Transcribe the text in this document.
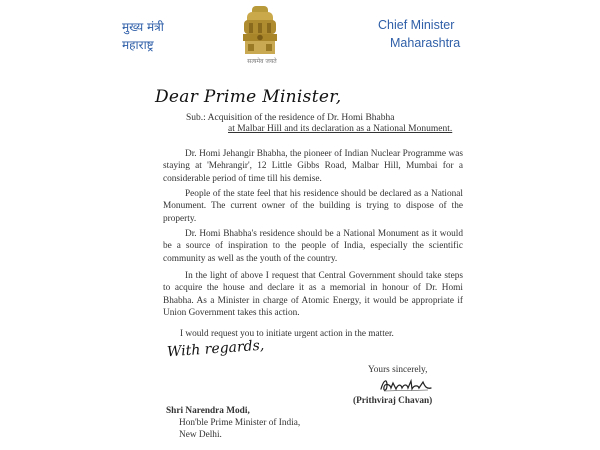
मुख्य मंत्री
महाराष्ट्र
सत्यमेव जयते
Chief Minister
Maharashtra
Dear Prime Minister,
Sub.: Acquisition of the residence of Dr. Homi Bhabha
at Malbar Hill and its declaration as a National Monument.
Dr. Homi Jehangir Bhabha, the pioneer of Indian Nuclear Programme was staying at 'Mehrangir', 12 Little Gibbs Road, Malbar Hill, Mumbai for a considerable period of time till his demise.
People of the state feel that his residence should be declared as a National Monument. The current owner of the building is trying to dispose of the property.
Dr. Homi Bhabha's residence should be a National Monument as it would be a source of inspiration to the people of India, especially the scientific community as well as the youth of the country.
In the light of above I request that Central Government should take steps to acquire the house and declare it as a memorial in honour of Dr. Homi Bhabha. As a Minister in charge of Atomic Energy, it would be appropriate if Union Government takes this action.
I would request you to initiate urgent action in the matter.
With regards,
Yours sincerely,
(Prithviraj Chavan)
Shri Narendra Modi,
Hon'ble Prime Minister of India,
New Delhi.
